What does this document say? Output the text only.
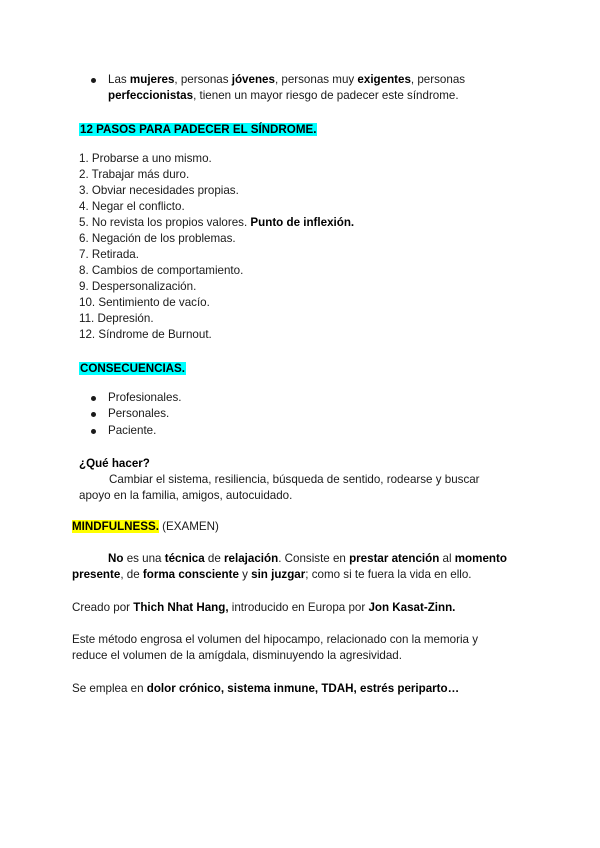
Las mujeres, personas jóvenes, personas muy exigentes, personas
perfeccionistas, tienen un mayor riesgo de padecer este síndrome.
12 PASOS PARA PADECER EL SÍNDROME.
1. Probarse a uno mismo.
2. Trabajar más duro.
3. Obviar necesidades propias.
4. Negar el conflicto.
5. No revista los propios valores. Punto de inflexión.
6. Negación de los problemas.
7. Retirada.
8. Cambios de comportamiento.
9. Despersonalización.
10. Sentimiento de vacío.
11. Depresión.
12. Síndrome de Burnout.
CONSECUENCIAS.
Profesionales.
Personales.
Paciente.
¿Qué hacer?
Cambiar el sistema, resiliencia, búsqueda de sentido, rodearse y buscar
apoyo en la familia, amigos, autocuidado.
MINDFULNESS. (EXAMEN)
No es una técnica de relajación. Consiste en prestar atención al momento
presente, de forma consciente y sin juzgar; como si te fuera la vida en ello.
Creado por Thich Nhat Hang, introducido en Europa por Jon Kasat-Zinn.
Este método engrosa el volumen del hipocampo, relacionado con la memoria y
reduce el volumen de la amígdala, disminuyendo la agresividad.
Se emplea en dolor crónico, sistema inmune, TDAH, estrés periparto…
